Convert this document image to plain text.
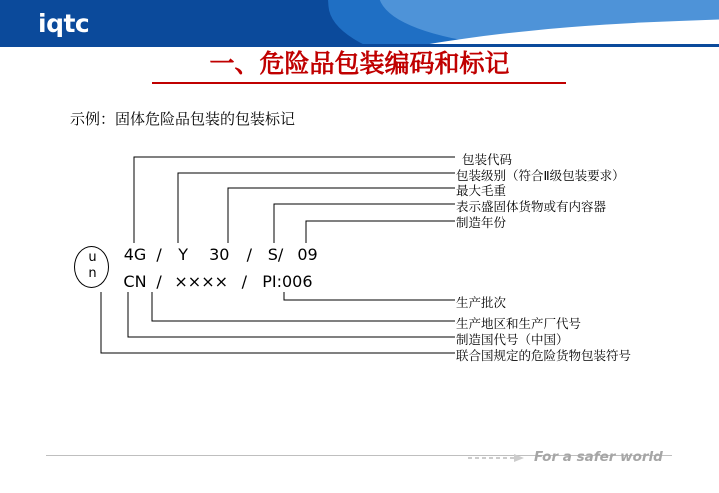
iqtc
一、危险品包装编码和标记
示例：固体危险品包装的包装标记
u
n
4G / Y 30 / S/ 09
CN / ×××× / PI:006
包装代码
包装级别（符合Ⅱ级包装要求）
最大毛重
表示盛固体货物或有内容器
制造年份
生产批次
生产地区和生产厂代号
制造国代号（中国）
联合国规定的危险货物包装符号
For a safer world
